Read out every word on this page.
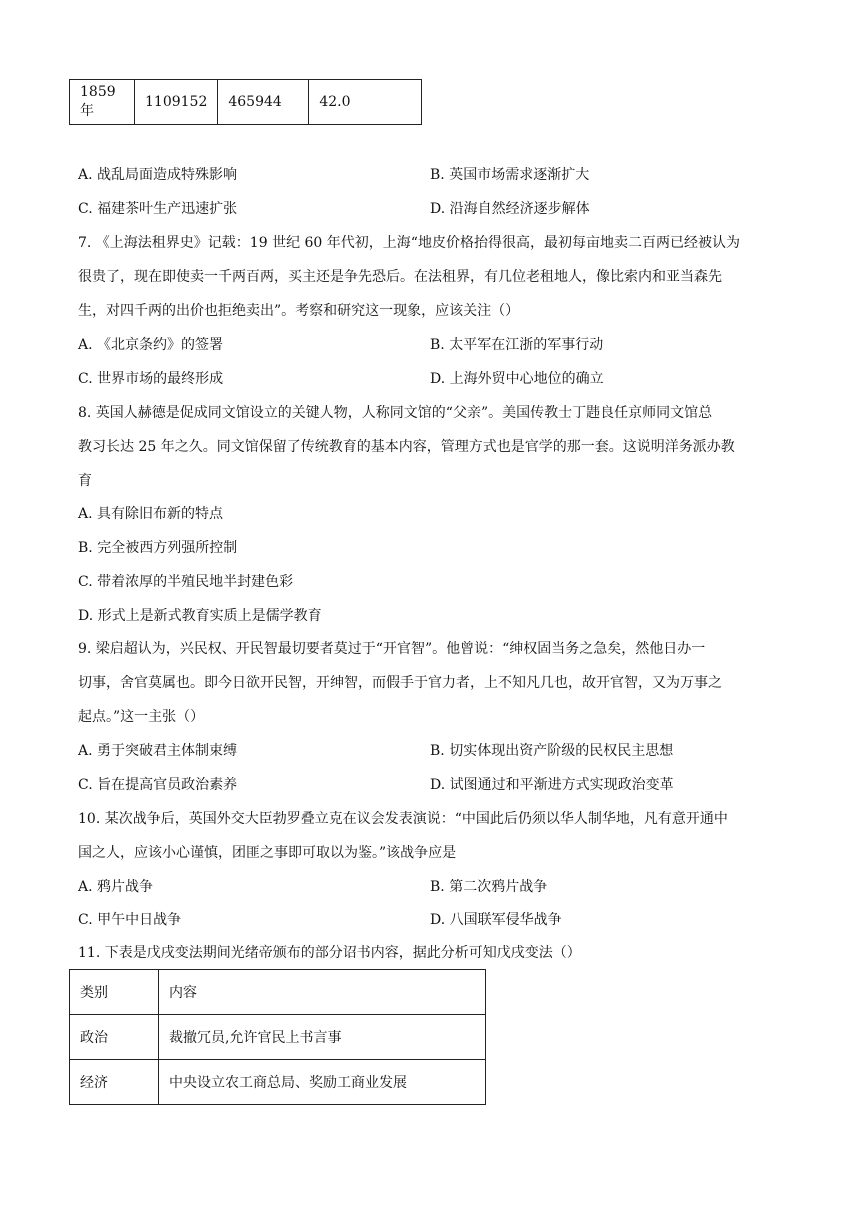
1859年	1109152	465944	42.0
A. 战乱局面造成特殊影响	B. 英国市场需求逐渐扩大
C. 福建茶叶生产迅速扩张	D. 沿海自然经济逐步解体
7. 《上海法租界史》记载：19 世纪 60 年代初，上海“地皮价格抬得很高，最初每亩地卖二百两已经被认为
很贵了，现在即使卖一千两百两，买主还是争先恐后。在法租界，有几位老租地人，像比索内和亚当森先
生，对四千两的出价也拒绝卖出”。考察和研究这一现象，应该关注（）
A. 《北京条约》的签署	B. 太平军在江浙的军事行动
C. 世界市场的最终形成	D. 上海外贸中心地位的确立
8. 英国人赫德是促成同文馆设立的关键人物，人称同文馆的“父亲”。美国传教士丁韪良任京师同文馆总
教习长达 25 年之久。同文馆保留了传统教育的基本内容，管理方式也是官学的那一套。这说明洋务派办教
育
A. 具有除旧布新的特点
B. 完全被西方列强所控制
C. 带着浓厚的半殖民地半封建色彩
D. 形式上是新式教育实质上是儒学教育
9. 梁启超认为，兴民权、开民智最切要者莫过于“开官智”。他曾说：“绅权固当务之急矣，然他日办一
切事，舍官莫属也。即今日欲开民智，开绅智，而假手于官力者，上不知凡几也，故开官智，又为万事之
起点。”这一主张（）
A. 勇于突破君主体制束缚	B. 切实体现出资产阶级的民权民主思想
C. 旨在提高官员政治素养	D. 试图通过和平渐进方式实现政治变革
10. 某次战争后，英国外交大臣勃罗叠立克在议会发表演说：“中国此后仍须以华人制华地，凡有意开通中
国之人，应该小心谨慎，团匪之事即可取以为鉴。”该战争应是
A. 鸦片战争	B. 第二次鸦片战争
C. 甲午中日战争	D. 八国联军侵华战争
11. 下表是戊戌变法期间光绪帝颁布的部分诏书内容，据此分析可知戊戌变法（）
类别	内容
政治	裁撤冗员,允许官民上书言事
经济	中央设立农工商总局、奖励工商业发展
